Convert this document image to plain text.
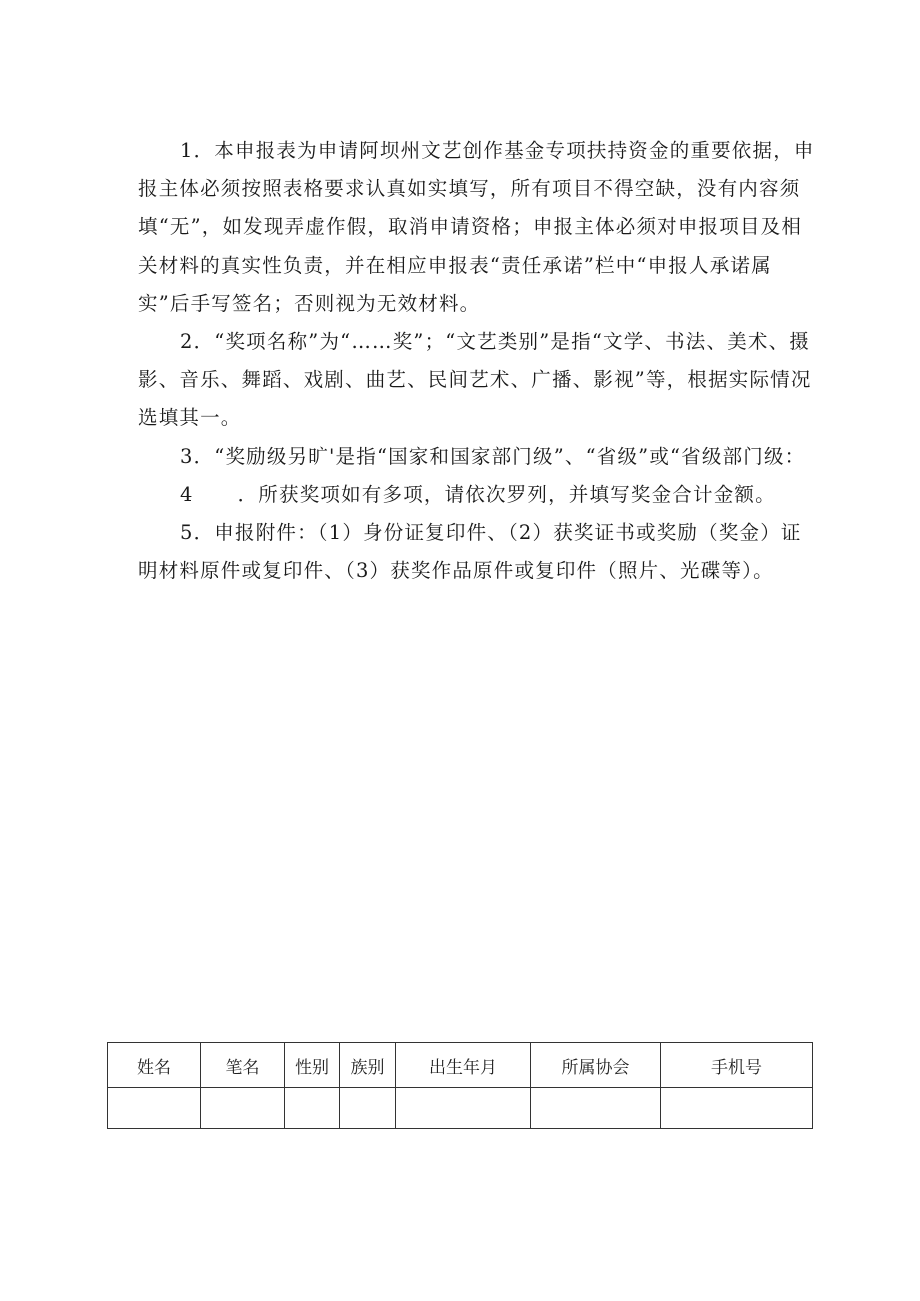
1．本申报表为申请阿坝州文艺创作基金专项扶持资金的重要依据，申报主体必须按照表格要求认真如实填写，所有项目不得空缺，没有内容须填“无”，如发现弄虚作假，取消申请资格；申报主体必须对申报项目及相关材料的真实性负责，并在相应申报表“责任承诺”栏中“申报人承诺属实”后手写签名；否则视为无效材料。

2．“奖项名称”为“……奖”；“文艺类别”是指“文学、书法、美术、摄影、音乐、舞蹈、戏剧、曲艺、民间艺术、广播、影视”等，根据实际情况选填其一。

3．“奖励级另旷'是指“国家和国家部门级”、“省级”或“省级部门级：

4 ．所获奖项如有多项，请依次罗列，并填写奖金合计金额。

5．申报附件：（1）身份证复印件、（2）获奖证书或奖励（奖金）证明材料原件或复印件、（3）获奖作品原件或复印件（照片、光碟等）。

姓名	笔名	性别	族别	出生年月	所属协会	手机号
